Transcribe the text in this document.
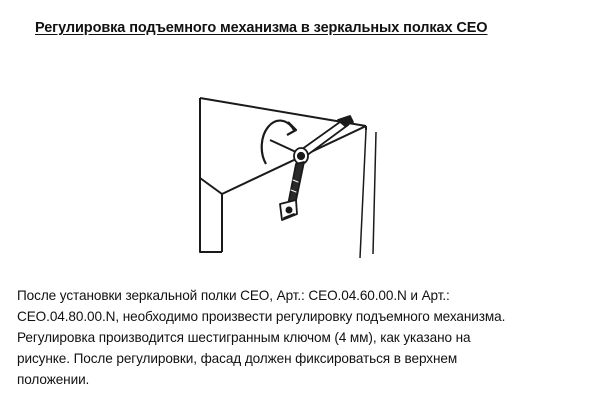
Регулировка подъемного механизма в зеркальных полках CEO
После установки зеркальной полки CEO, Арт.: CEO.04.60.00.N и Арт.:
CEO.04.80.00.N, необходимо произвести регулировку подъемного механизма.
Регулировка производится шестигранным ключом (4 мм), как указано на
рисунке. После регулировки, фасад должен фиксироваться в верхнем
положении.
